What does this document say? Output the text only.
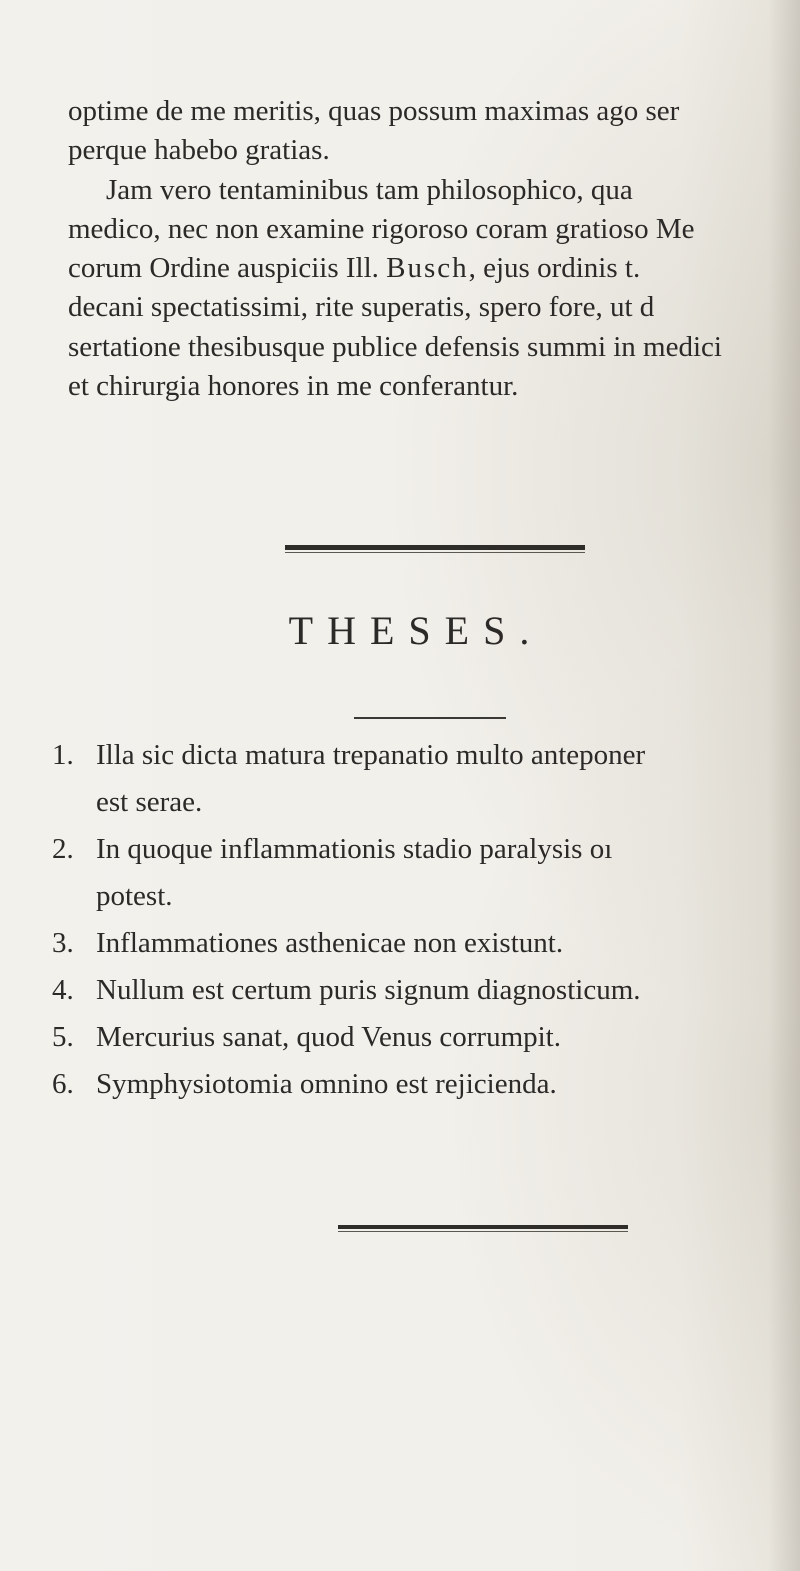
optime de me meritis, quas possum maximas ago ser
perque habebo gratias.
Jam vero tentaminibus tam philosophico, qua
medico, nec non examine rigoroso coram gratioso Me
corum Ordine auspiciis Ill. Busch, ejus ordinis t.
decani spectatissimi, rite superatis, spero fore, ut d
sertatione thesibusque publice defensis summi in medici
et chirurgia honores in me conferantur.
THESES.
1. Illa sic dicta matura trepanatio multo anteponer
est serae.
2. In quoque inflammationis stadio paralysis oı
potest.
3. Inflammationes asthenicae non existunt.
4. Nullum est certum puris signum diagnosticum.
5. Mercurius sanat, quod Venus corrumpit.
6. Symphysiotomia omnino est rejicienda.
